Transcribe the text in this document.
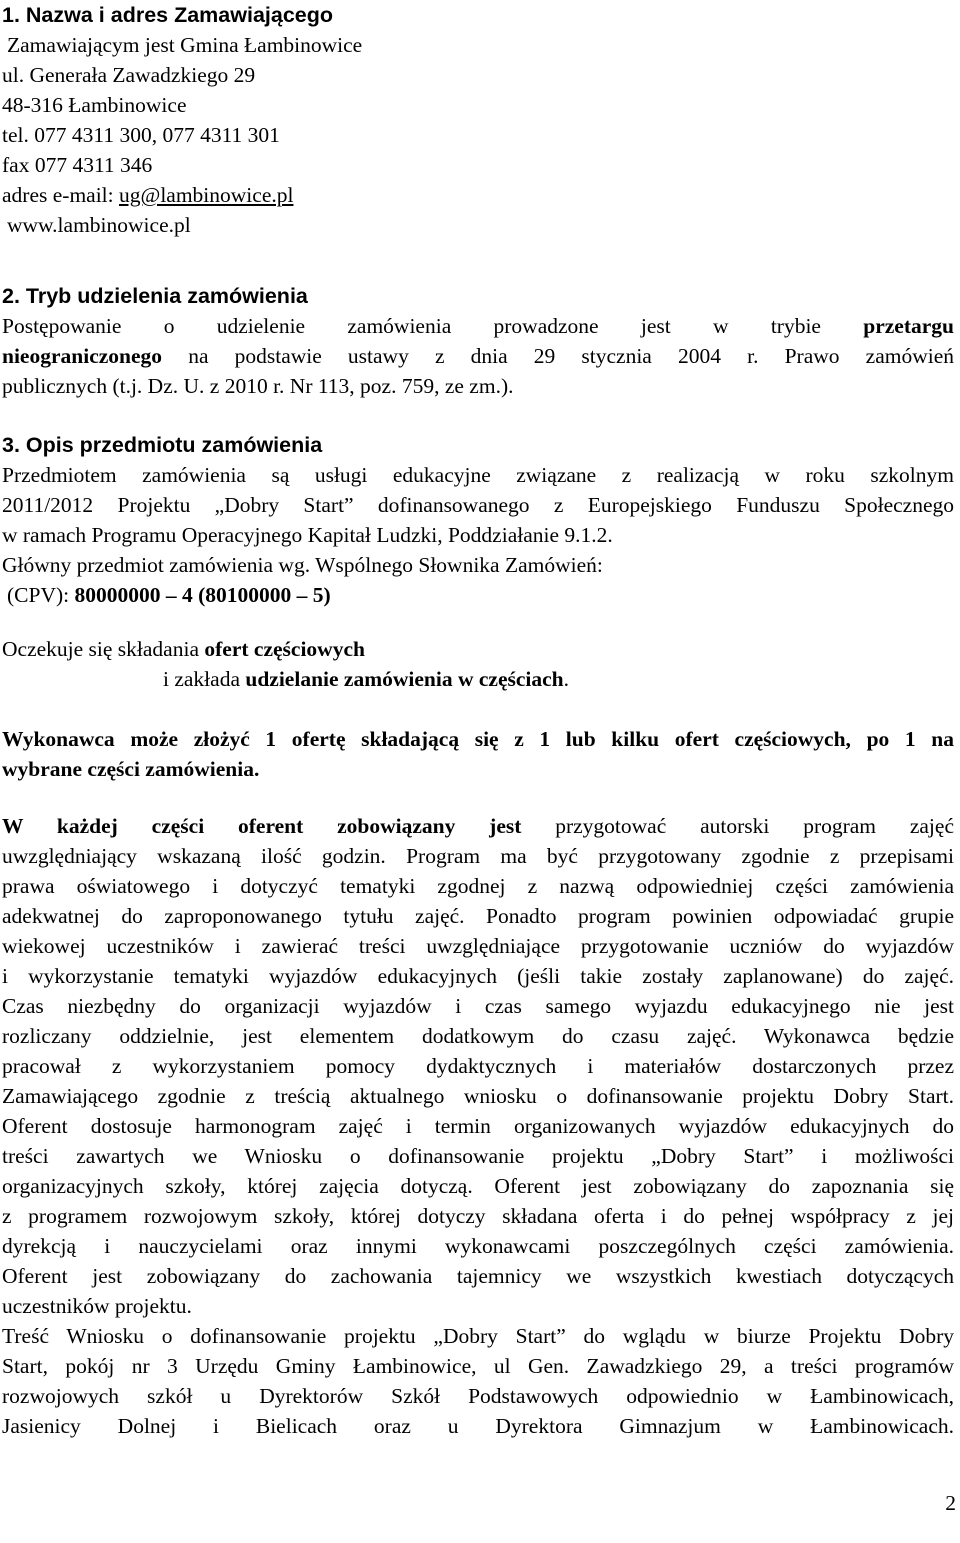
1. Nazwa i adres Zamawiającego
Zamawiającym jest Gmina Łambinowice
ul. Generała Zawadzkiego 29
48-316 Łambinowice
tel. 077 4311 300, 077 4311 301
fax 077 4311 346
adres e-mail: ug@lambinowice.pl
www.lambinowice.pl
2. Tryb udzielenia zamówienia
Postępowanie o udzielenie zamówienia prowadzone jest w trybie przetargu
nieograniczonego na podstawie ustawy z dnia 29 stycznia 2004 r. Prawo zamówień
publicznych (t.j. Dz. U. z 2010 r. Nr 113, poz. 759, ze zm.).
3. Opis przedmiotu zamówienia
Przedmiotem zamówienia są usługi edukacyjne związane z realizacją w roku szkolnym
2011/2012 Projektu „Dobry Start” dofinansowanego z Europejskiego Funduszu Społecznego
w ramach Programu Operacyjnego Kapitał Ludzki, Poddziałanie 9.1.2.
Główny przedmiot zamówienia wg. Wspólnego Słownika Zamówień:
(CPV): 80000000 – 4 (80100000 – 5)
Oczekuje się składania ofert częściowych
i zakłada udzielanie zamówienia w częściach.
Wykonawca może złożyć 1 ofertę składającą się z 1 lub kilku ofert częściowych, po 1 na
wybrane części zamówienia.
W każdej części oferent zobowiązany jest przygotować autorski program zajęć
uwzględniający wskazaną ilość godzin. Program ma być przygotowany zgodnie z przepisami
prawa oświatowego i dotyczyć tematyki zgodnej z nazwą odpowiedniej części zamówienia
adekwatnej do zaproponowanego tytułu zajęć. Ponadto program powinien odpowiadać grupie
wiekowej uczestników i zawierać treści uwzględniające przygotowanie uczniów do wyjazdów
i wykorzystanie tematyki wyjazdów edukacyjnych (jeśli takie zostały zaplanowane) do zajęć.
Czas niezbędny do organizacji wyjazdów i czas samego wyjazdu edukacyjnego nie jest
rozliczany oddzielnie, jest elementem dodatkowym do czasu zajęć. Wykonawca będzie
pracował z wykorzystaniem pomocy dydaktycznych i materiałów dostarczonych przez
Zamawiającego zgodnie z treścią aktualnego wniosku o dofinansowanie projektu Dobry Start.
Oferent dostosuje harmonogram zajęć i termin organizowanych wyjazdów edukacyjnych do
treści zawartych we Wniosku o dofinansowanie projektu „Dobry Start” i możliwości
organizacyjnych szkoły, której zajęcia dotyczą. Oferent jest zobowiązany do zapoznania się
z programem rozwojowym szkoły, której dotyczy składana oferta i do pełnej współpracy z jej
dyrekcją i nauczycielami oraz innymi wykonawcami poszczególnych części zamówienia.
Oferent jest zobowiązany do zachowania tajemnicy we wszystkich kwestiach dotyczących
uczestników projektu.
Treść Wniosku o dofinansowanie projektu „Dobry Start” do wglądu w biurze Projektu Dobry
Start, pokój nr 3 Urzędu Gminy Łambinowice, ul Gen. Zawadzkiego 29, a treści programów
rozwojowych szkół u Dyrektorów Szkół Podstawowych odpowiednio w Łambinowicach,
Jasienicy Dolnej i Bielicach oraz u Dyrektora Gimnazjum w Łambinowicach.
2
